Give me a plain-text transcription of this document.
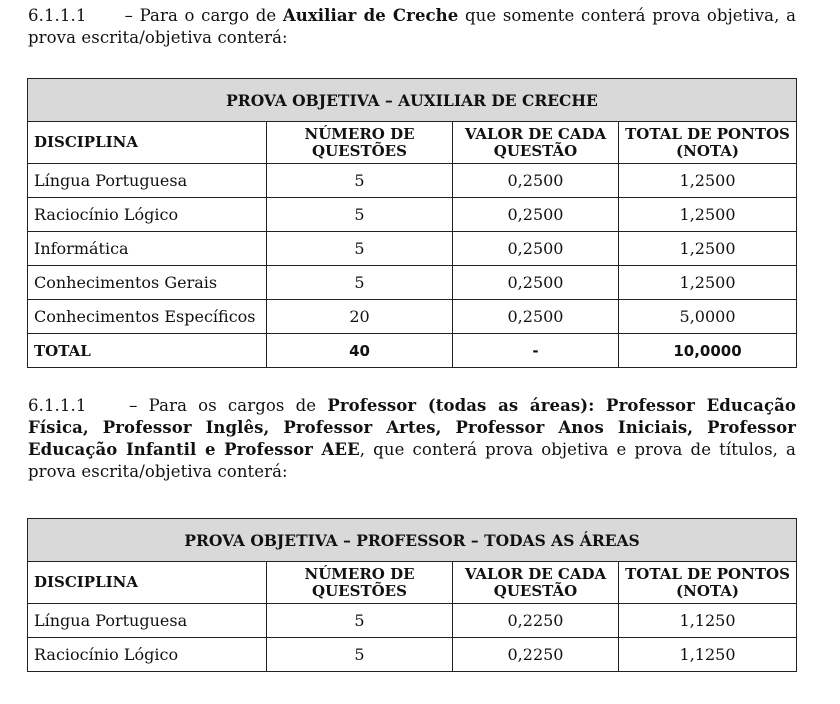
6.1.1.1 – Para o cargo de Auxiliar de Creche que somente conterá prova objetiva, a prova escrita/objetiva conterá:
PROVA OBJETIVA – AUXILIAR DE CRECHE			
DISCIPLINA	NÚMERO DE QUESTÕES	VALOR DE CADA QUESTÃO	TOTAL DE PONTOS (NOTA)
Língua Portuguesa	5	0,2500	1,2500
Raciocínio Lógico	5	0,2500	1,2500
Informática	5	0,2500	1,2500
Conhecimentos Gerais	5	0,2500	1,2500
Conhecimentos Específicos	20	0,2500	5,0000
TOTAL	40	-	10,0000
6.1.1.1 – Para os cargos de Professor (todas as áreas): Professor Educação Física, Professor Inglês, Professor Artes, Professor Anos Iniciais, Professor Educação Infantil e Professor AEE, que conterá prova objetiva e prova de títulos, a prova escrita/objetiva conterá:
PROVA OBJETIVA – PROFESSOR – TODAS AS ÁREAS			
DISCIPLINA	NÚMERO DE QUESTÕES	VALOR DE CADA QUESTÃO	TOTAL DE PONTOS (NOTA)
Língua Portuguesa	5	0,2250	1,1250
Raciocínio Lógico	5	0,2250	1,1250
